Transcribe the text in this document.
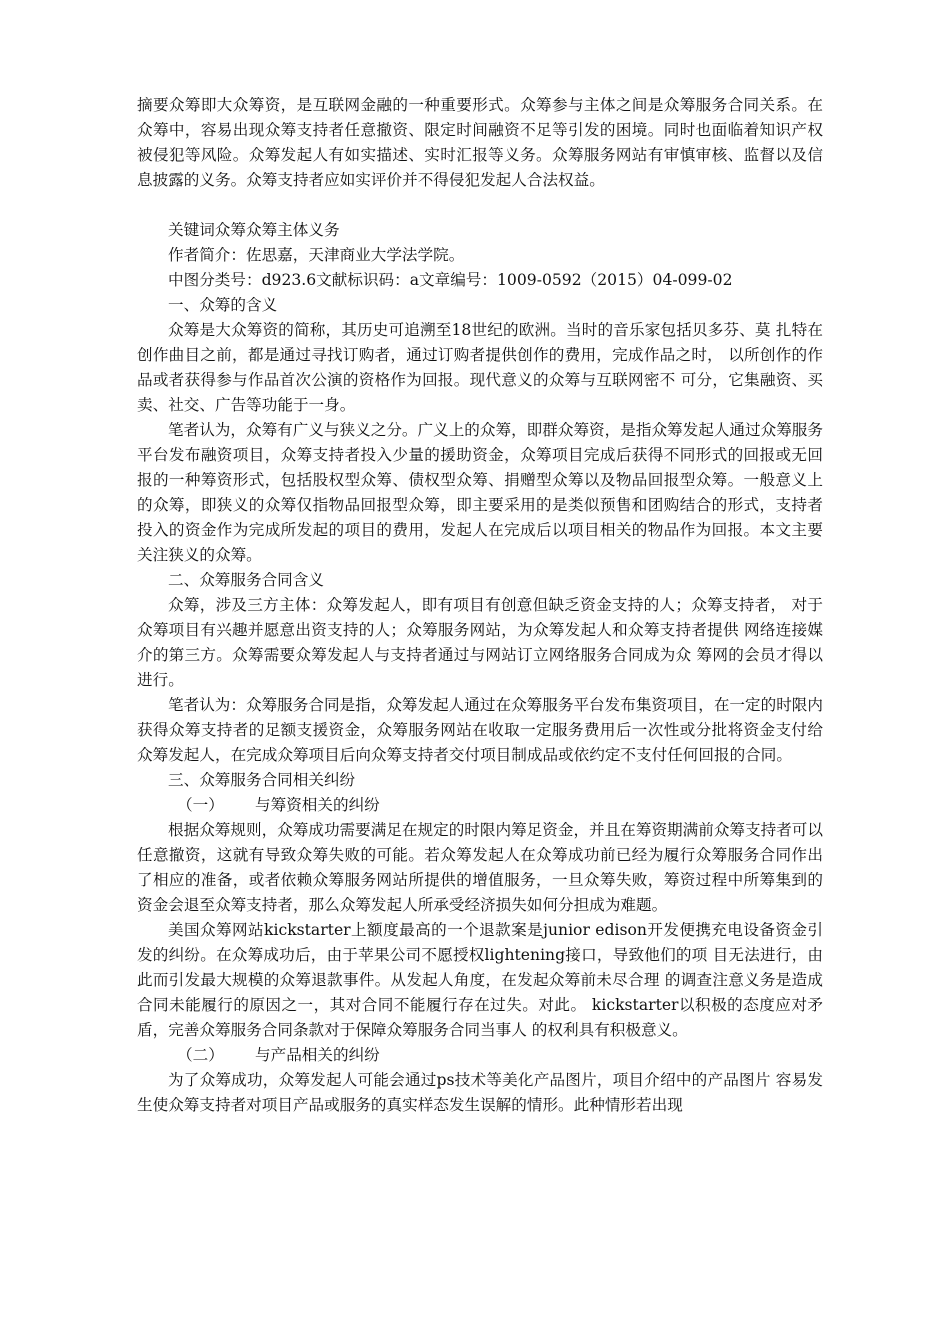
摘要众筹即大众筹资，是互联网金融的一种重要形式。众筹参与主体之间是众筹服务合同关系。在众筹中，容易出现众筹支持者任意撤资、限定时间融资不足等引发的困境。同时也面临着知识产权被侵犯等风险。众筹发起人有如实描述、实时汇报等义务。众筹服务网站有审慎审核、监督以及信息披露的义务。众筹支持者应如实评价并不得侵犯发起人合法权益。

关键词众筹众筹主体义务

作者简介：佐思嘉，天津商业大学法学院。

中图分类号：d923.6文献标识码：a文章编号：1009-0592（2015）04-099-02

一、众筹的含义

众筹是大众筹资的简称，其历史可追溯至18世纪的欧洲。当时的音乐家包括贝多芬、莫 扎特在创作曲目之前，都是通过寻找订购者，通过订购者提供创作的费用，完成作品之时， 以所创作的作品或者获得参与作品首次公演的资格作为回报。现代意义的众筹与互联网密不 可分，它集融资、买卖、社交、广告等功能于一身。

笔者认为，众筹有广义与狭义之分。广义上的众筹，即群众筹资，是指众筹发起人通过众筹服务平台发布融资项目，众筹支持者投入少量的援助资金，众筹项目完成后获得不同形式的回报或无回报的一种筹资形式，包括股权型众筹、债权型众筹、捐赠型众筹以及物品回报型众筹。一般意义上的众筹，即狭义的众筹仅指物品回报型众筹，即主要采用的是类似预售和团购结合的形式，支持者投入的资金作为完成所发起的项目的费用，发起人在完成后以项目相关的物品作为回报。本文主要关注狭义的众筹。

二、众筹服务合同含义

众筹，涉及三方主体：众筹发起人，即有项目有创意但缺乏资金支持的人；众筹支持者， 对于众筹项目有兴趣并愿意出资支持的人；众筹服务网站，为众筹发起人和众筹支持者提供 网络连接媒介的第三方。众筹需要众筹发起人与支持者通过与网站订立网络服务合同成为众 筹网的会员才得以进行。

笔者认为：众筹服务合同是指，众筹发起人通过在众筹服务平台发布集资项目，在一定的时限内获得众筹支持者的足额支援资金，众筹服务网站在收取一定服务费用后一次性或分批将资金支付给众筹发起人，在完成众筹项目后向众筹支持者交付项目制成品或依约定不支付任何回报的合同。

三、众筹服务合同相关纠纷

（一） 与筹资相关的纠纷

根据众筹规则，众筹成功需要满足在规定的时限内筹足资金，并且在筹资期满前众筹支持者可以任意撤资，这就有导致众筹失败的可能。若众筹发起人在众筹成功前已经为履行众筹服务合同作出了相应的准备，或者依赖众筹服务网站所提供的增值服务，一旦众筹失败，筹资过程中所筹集到的资金会退至众筹支持者，那么众筹发起人所承受经济损失如何分担成为难题。

美国众筹网站kickstarter上额度最高的一个退款案是junior edison开发便携充电设备资金引发的纠纷。在众筹成功后，由于苹果公司不愿授权lightening接口，导致他们的项 目无法进行，由此而引发最大规模的众筹退款事件。从发起人角度，在发起众筹前未尽合理 的调查注意义务是造成合同未能履行的原因之一，其对合同不能履行存在过失。对此。 kickstarter以积极的态度应对矛盾，完善众筹服务合同条款对于保障众筹服务合同当事人 的权利具有积极意义。

（二） 与产品相关的纠纷

为了众筹成功，众筹发起人可能会通过ps技术等美化产品图片，项目介绍中的产品图片 容易发生使众筹支持者对项目产品或服务的真实样态发生误解的情形。此种情形若出现
